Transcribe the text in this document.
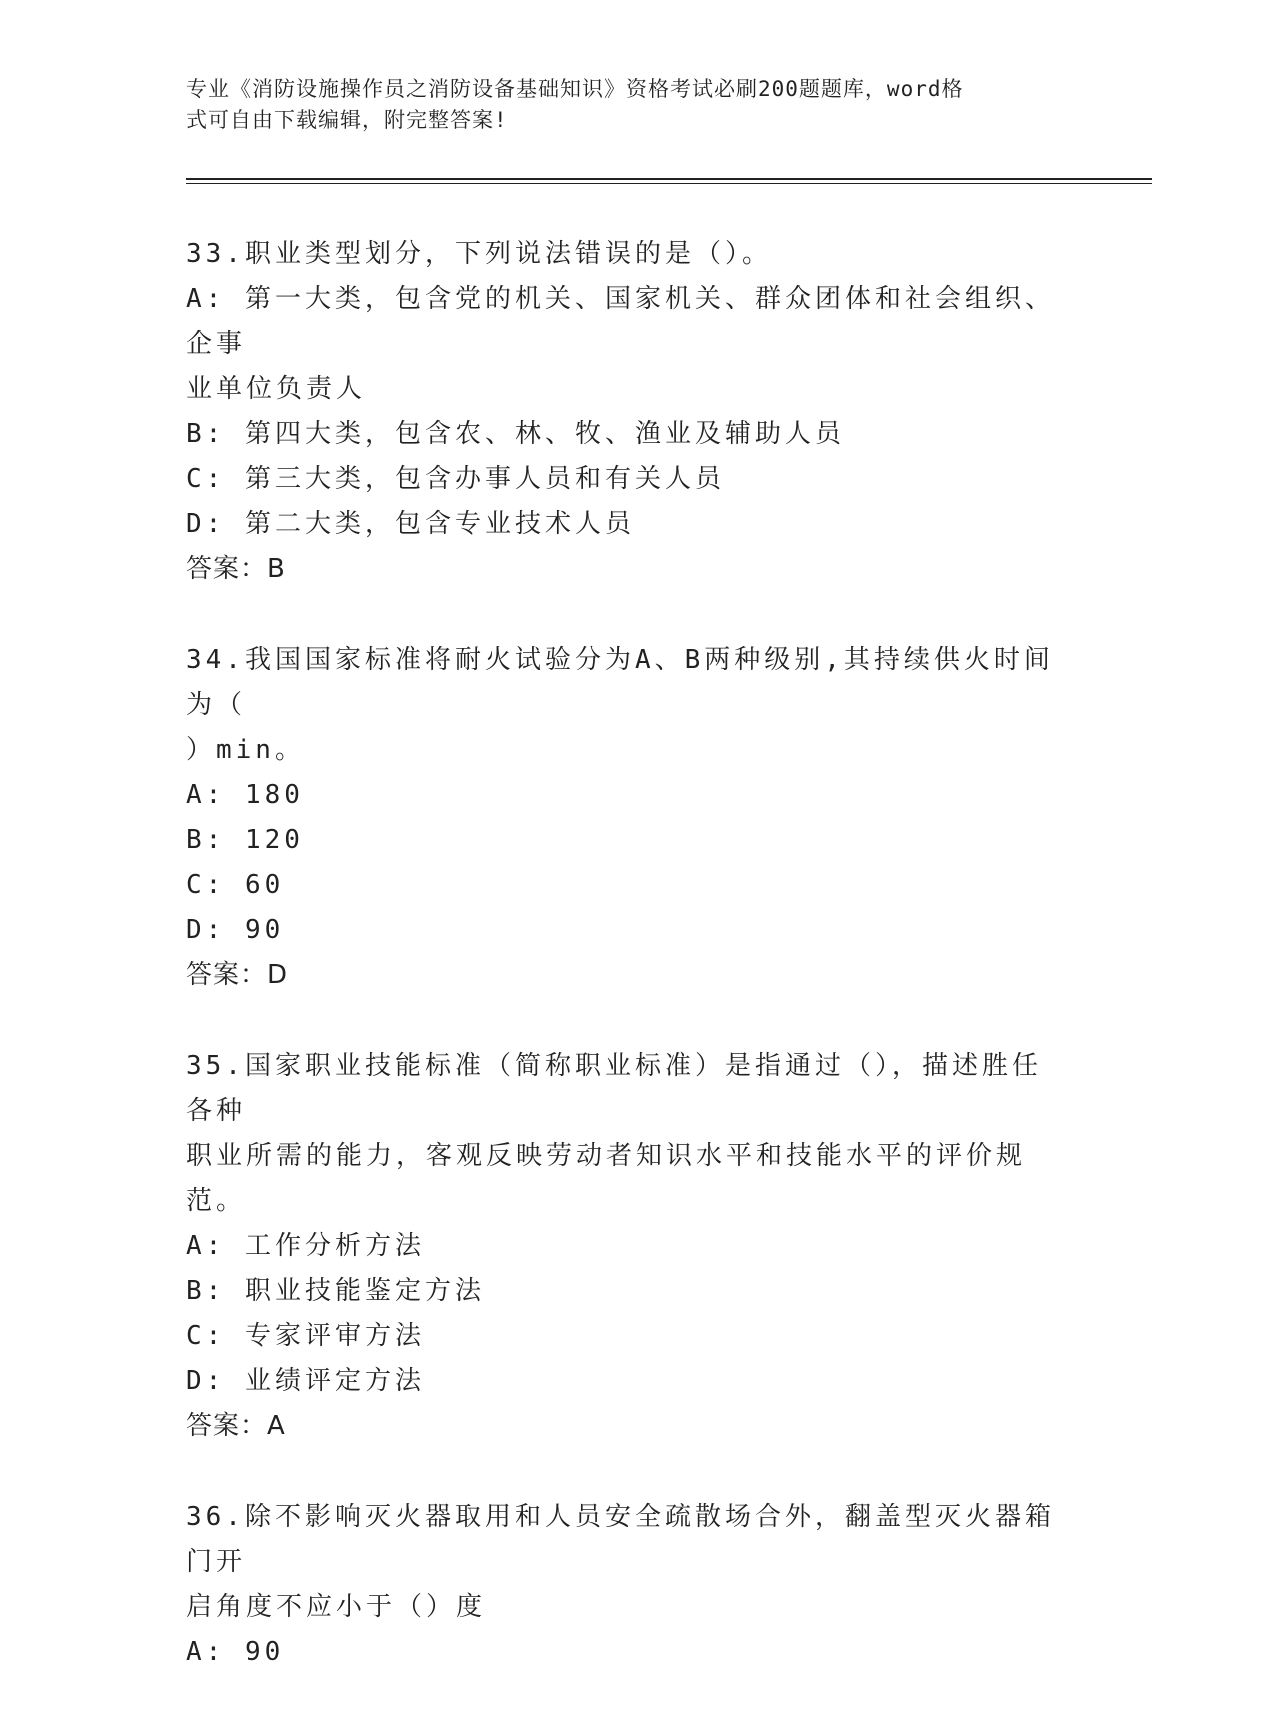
专业《消防设施操作员之消防设备基础知识》资格考试必刷200题题库，word格
式可自由下载编辑，附完整答案!
33.职业类型划分，下列说法错误的是（）。
A: 第一大类，包含党的机关、国家机关、群众团体和社会组织、企事
业单位负责人
B: 第四大类，包含农、林、牧、渔业及辅助人员
C: 第三大类，包含办事人员和有关人员
D: 第二大类，包含专业技术人员
答案：B
34.我国国家标准将耐火试验分为A、B两种级别,其持续供火时间为（
）min。
A: 180
B: 120
C: 60
D: 90
答案：D
35.国家职业技能标准（简称职业标准）是指通过（），描述胜任各种
职业所需的能力，客观反映劳动者知识水平和技能水平的评价规范。
A: 工作分析方法
B: 职业技能鉴定方法
C: 专家评审方法
D: 业绩评定方法
答案：A
36.除不影响灭火器取用和人员安全疏散场合外，翻盖型灭火器箱门开
启角度不应小于（）度
A: 90
